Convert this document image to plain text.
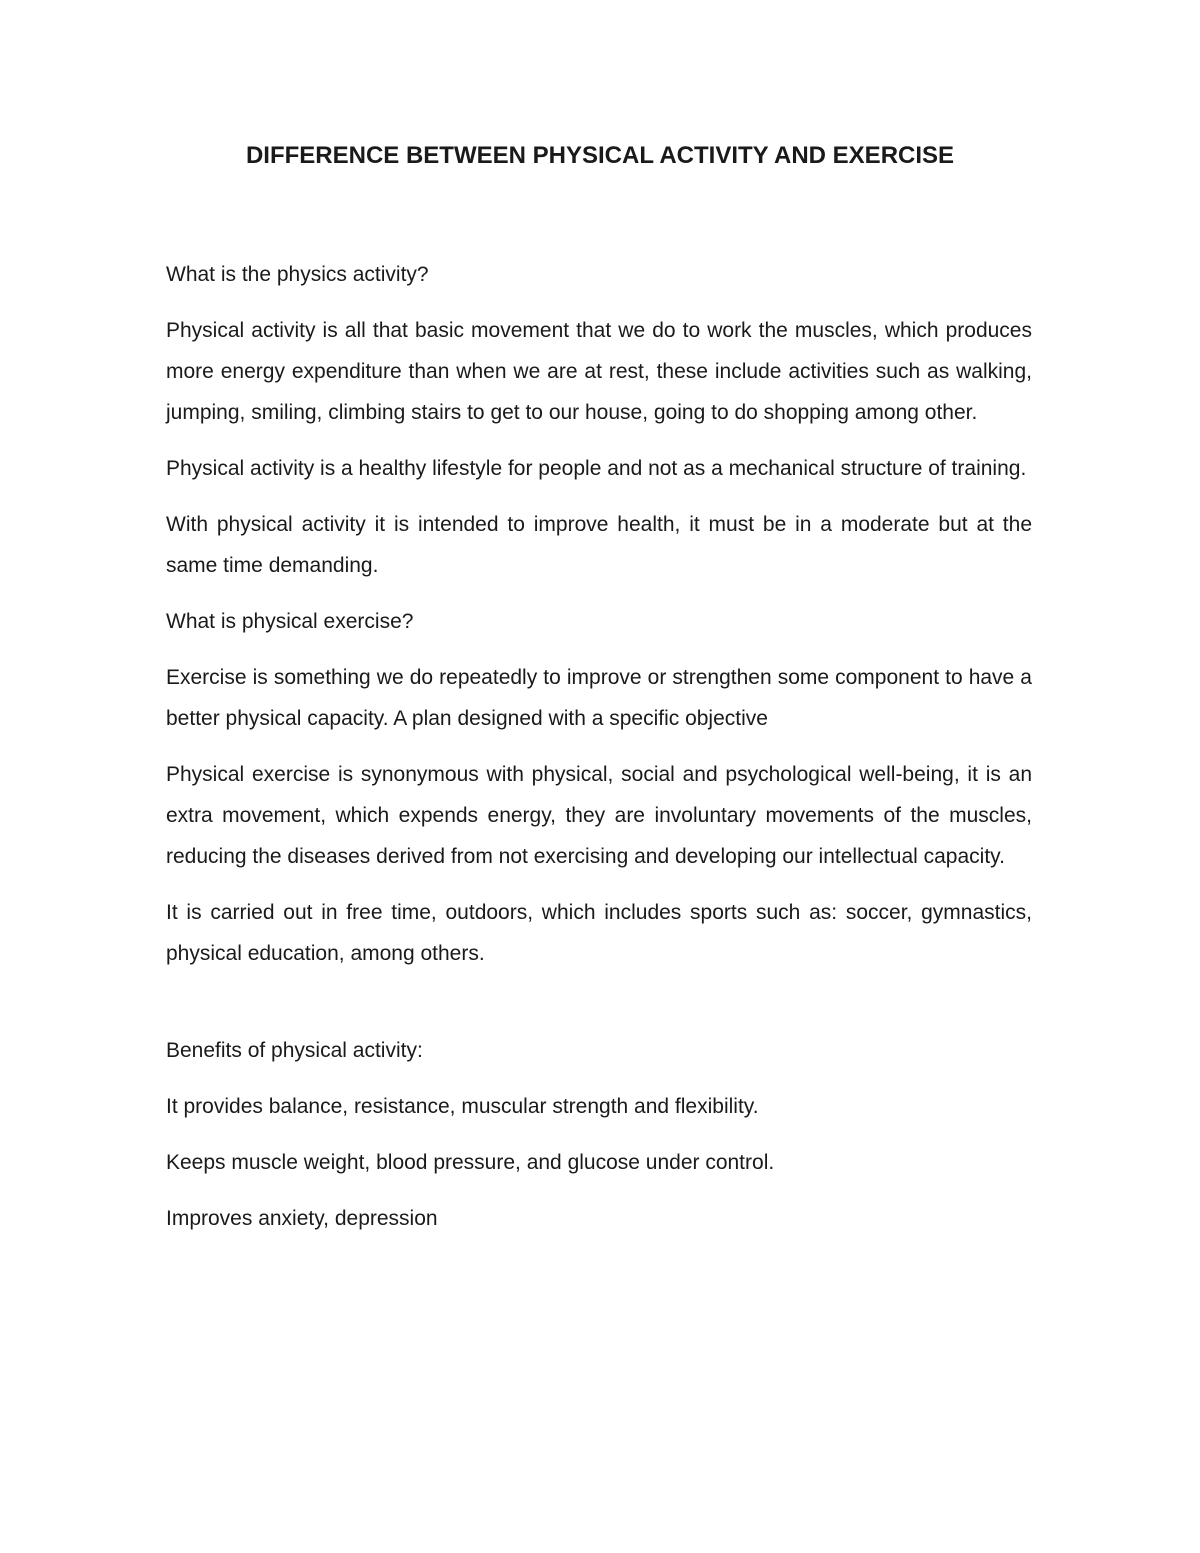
DIFFERENCE BETWEEN PHYSICAL ACTIVITY AND EXERCISE

What is the physics activity?

Physical activity is all that basic movement that we do to work the muscles, which produces more energy expenditure than when we are at rest, these include activities such as walking, jumping, smiling, climbing stairs to get to our house, going to do shopping among other.

Physical activity is a healthy lifestyle for people and not as a mechanical structure of training.

With physical activity it is intended to improve health, it must be in a moderate but at the same time demanding.

What is physical exercise?

Exercise is something we do repeatedly to improve or strengthen some component to have a better physical capacity. A plan designed with a specific objective

Physical exercise is synonymous with physical, social and psychological well-being, it is an extra movement, which expends energy, they are involuntary movements of the muscles, reducing the diseases derived from not exercising and developing our intellectual capacity.

It is carried out in free time, outdoors, which includes sports such as: soccer, gymnastics, physical education, among others.

Benefits of physical activity:

It provides balance, resistance, muscular strength and flexibility.

Keeps muscle weight, blood pressure, and glucose under control.

Improves anxiety, depression
